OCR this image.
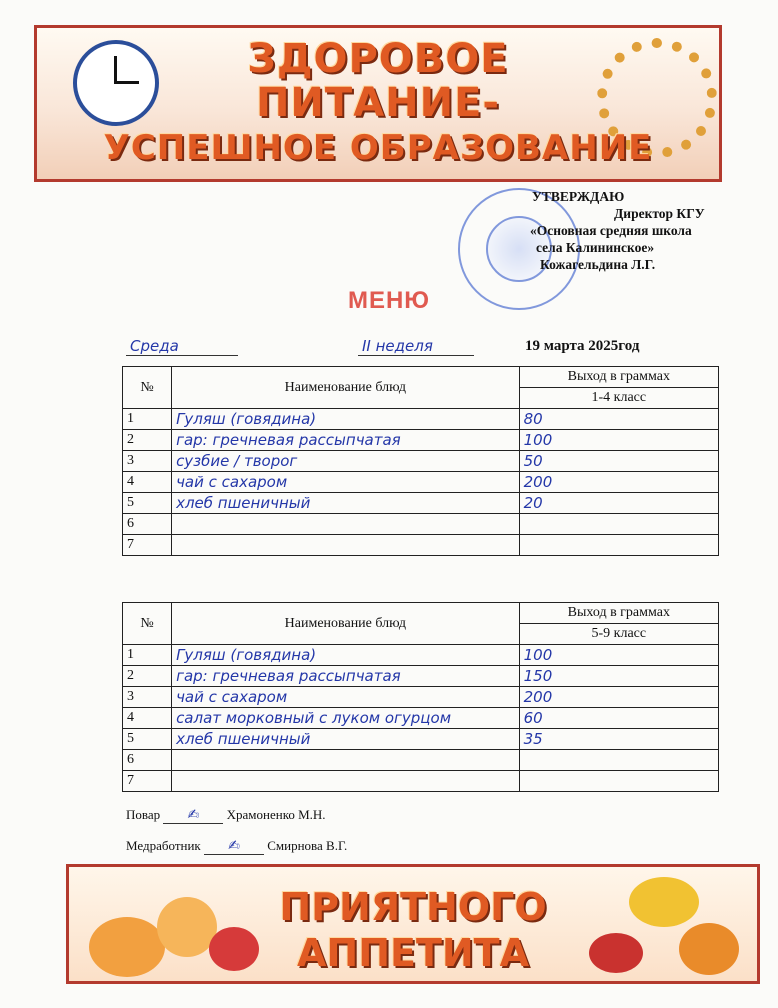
ЗДОРОВОЕ
ПИТАНИЕ-
УСПЕШНОЕ ОБРАЗОВАНИЕ
УТВЕРЖДАЮ
Директор КГУ
«Основная средняя школа
села Калининское»
Кожагельдина Л.Г.
МЕНЮ
Среда	II неделя	19 марта 2025год
№	Наименование блюд	Выход в граммах
		1-4 класс
1	Гуляш (говядина)	80
2	гар: гречневая рассыпчатая	100
3	сузбие / творог	50
4	чай с сахаром	200
5	хлеб пшеничный	20
6		
7		
№	Наименование блюд	Выход в граммах
		5-9 класс
1	Гуляш (говядина)	100
2	гар: гречневая рассыпчатая	150
3	чай с сахаром	200
4	салат морковный с луком огурцом	60
5	хлеб пшеничный	35
6		
7		
Повар ✍ Храмоненко М.Н.
Медработник ✍ Смирнова В.Г.
ПРИЯТНОГО
АППЕТИТА
